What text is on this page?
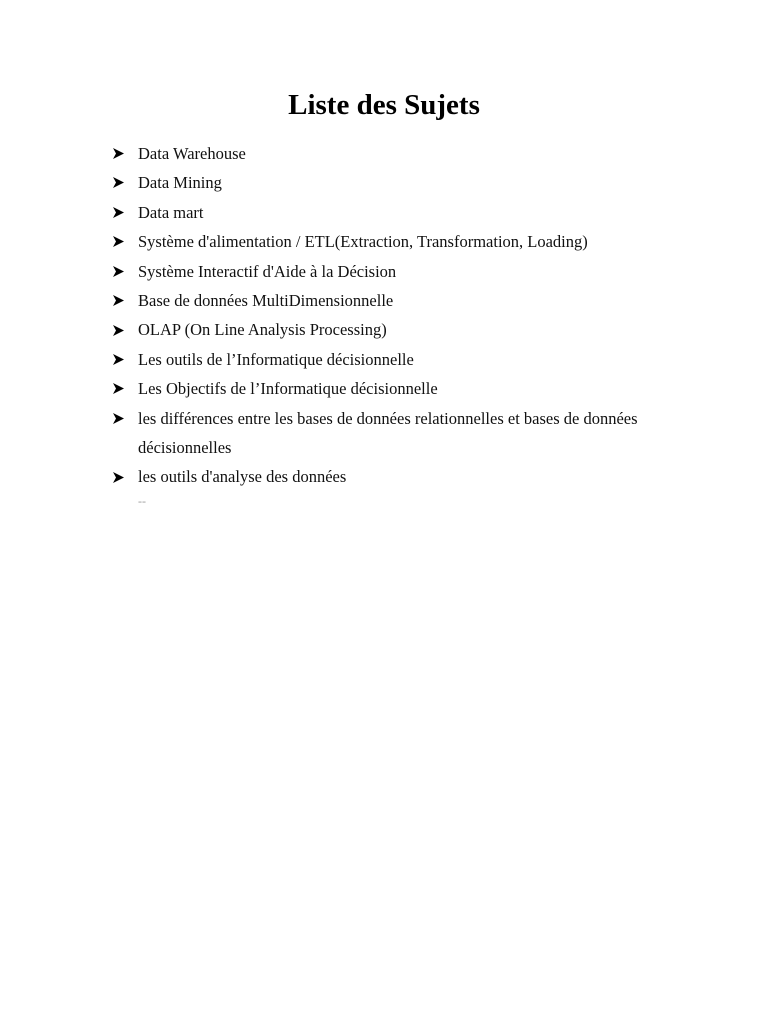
Liste des Sujets
Data Warehouse
Data Mining
Data mart
Système d'alimentation / ETL(Extraction, Transformation, Loading)
Système Interactif d'Aide à la Décision
Base de données MultiDimensionnelle
OLAP (On Line Analysis Processing)
Les outils de l’Informatique décisionnelle
Les Objectifs de l’Informatique décisionnelle
les différences entre les bases de données relationnelles et bases de données décisionnelles
les outils d'analyse des données
--
